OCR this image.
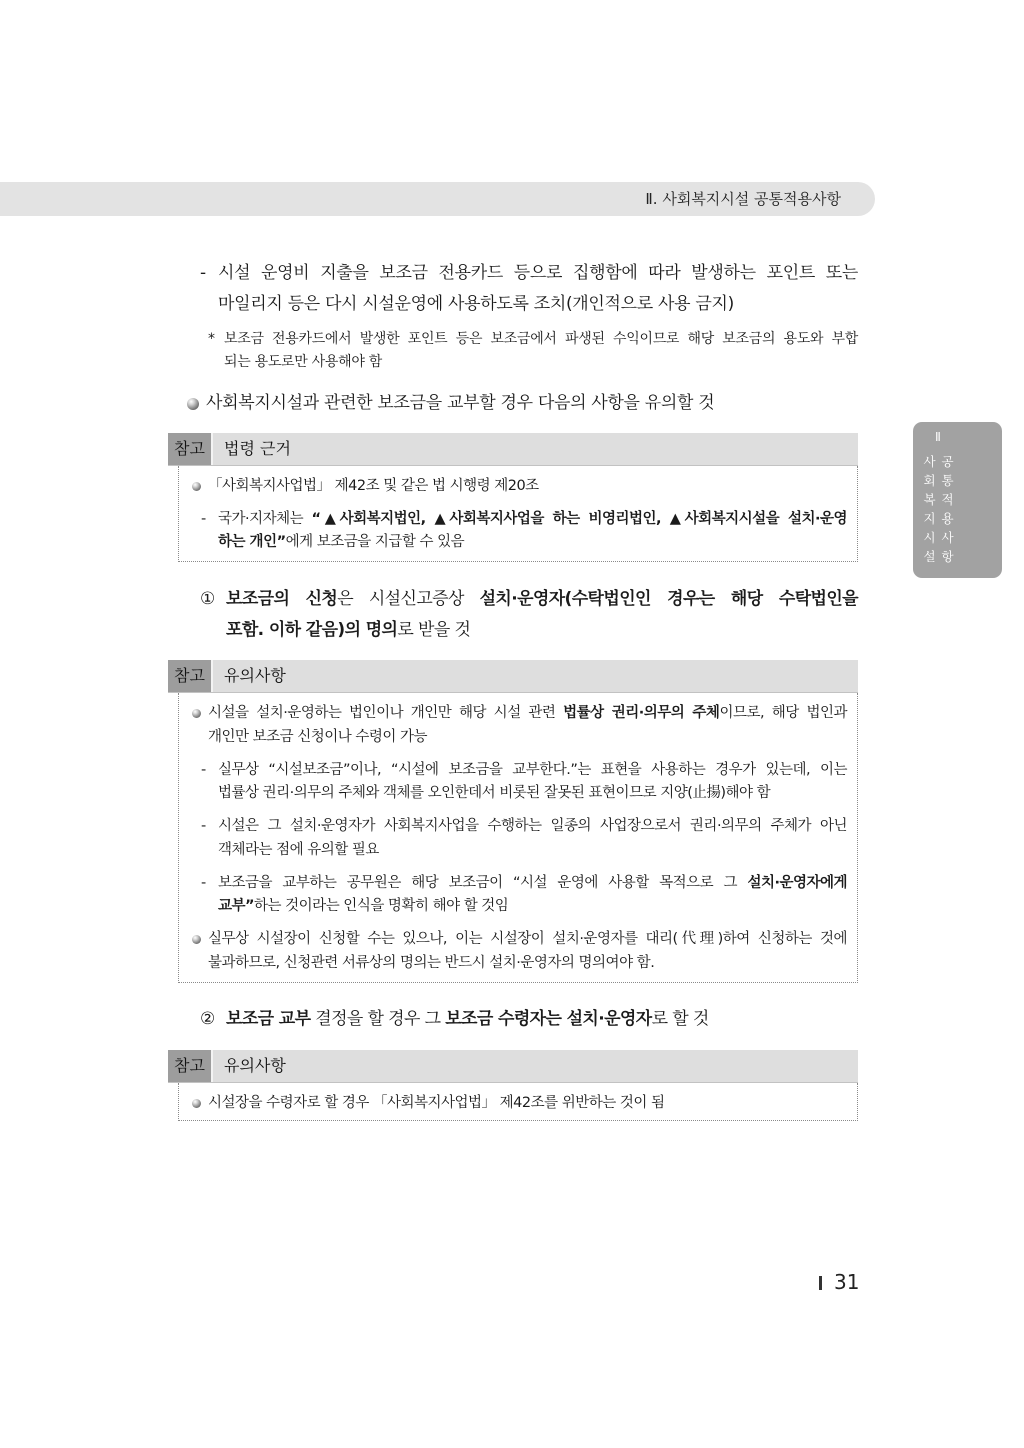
Ⅱ. 사회복지시설 공통적용사항
Ⅱ
사회복지시설
공통적용사항
- 시설 운영비 지출을 보조금 전용카드 등으로 집행함에 따라 발생하는 포인트 또는
마일리지 등은 다시 시설운영에 사용하도록 조치(개인적으로 사용 금지)
* 보조금 전용카드에서 발생한 포인트 등은 보조금에서 파생된 수익이므로 해당 보조금의 용도와 부합
되는 용도로만 사용해야 함
사회복지시설과 관련한 보조금을 교부할 경우 다음의 사항을 유의할 것
참고	법령 근거
「사회복지사업법」 제42조 및 같은 법 시행령 제20조
- 국가·지자체는 “▲사회복지법인, ▲사회복지사업을 하는 비영리법인, ▲사회복지시설을 설치·운영
하는 개인”에게 보조금을 지급할 수 있음
① 보조금의 신청은 시설신고증상 설치·운영자(수탁법인인 경우는 해당 수탁법인을
포함. 이하 같음)의 명의로 받을 것
참고	유의사항
시설을 설치·운영하는 법인이나 개인만 해당 시설 관련 법률상 권리·의무의 주체이므로, 해당 법인과
개인만 보조금 신청이나 수령이 가능
- 실무상 “시설보조금”이나, “시설에 보조금을 교부한다.”는 표현을 사용하는 경우가 있는데, 이는
법률상 권리·의무의 주체와 객체를 오인한데서 비롯된 잘못된 표현이므로 지양(止揚)해야 함
- 시설은 그 설치·운영자가 사회복지사업을 수행하는 일종의 사업장으로서 권리·의무의 주체가 아닌
객체라는 점에 유의할 필요
- 보조금을 교부하는 공무원은 해당 보조금이 “시설 운영에 사용할 목적으로 그 설치·운영자에게
교부”하는 것이라는 인식을 명확히 해야 할 것임
실무상 시설장이 신청할 수는 있으나, 이는 시설장이 설치·운영자를 대리(代理)하여 신청하는 것에
불과하므로, 신청관련 서류상의 명의는 반드시 설치·운영자의 명의여야 함.
② 보조금 교부 결정을 할 경우 그 보조금 수령자는 설치·운영자로 할 것
참고	유의사항
시설장을 수령자로 할 경우 「사회복지사업법」 제42조를 위반하는 것이 됨
31
